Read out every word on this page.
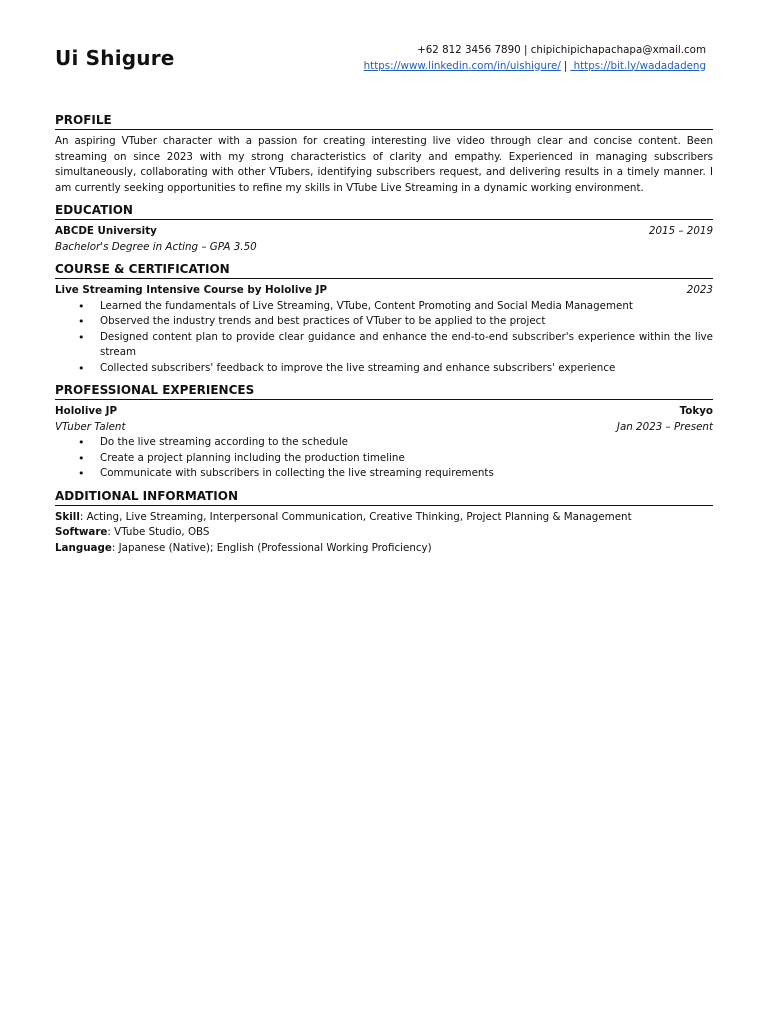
Ui Shigure	+62 812 3456 7890 | chipichipichapachapa@xmail.com
https://www.linkedin.com/in/uishigure/ | https://bit.ly/wadadadeng
PROFILE
An aspiring VTuber character with a passion for creating interesting live video through clear and concise content. Been streaming on since 2023 with my strong characteristics of clarity and empathy. Experienced in managing subscribers simultaneously, collaborating with other VTubers, identifying subscribers request, and delivering results in a timely manner. I am currently seeking opportunities to refine my skills in VTube Live Streaming in a dynamic working environment.
EDUCATION
ABCDE University	2015 – 2019
Bachelor's Degree in Acting – GPA 3.50
COURSE & CERTIFICATION
Live Streaming Intensive Course by Hololive JP	2023
• Learned the fundamentals of Live Streaming, VTube, Content Promoting and Social Media Management
• Observed the industry trends and best practices of VTuber to be applied to the project
• Designed content plan to provide clear guidance and enhance the end-to-end subscriber's experience within the live stream
• Collected subscribers' feedback to improve the live streaming and enhance subscribers' experience
PROFESSIONAL EXPERIENCES
Hololive JP	Tokyo
VTuber Talent	Jan 2023 – Present
• Do the live streaming according to the schedule
• Create a project planning including the production timeline
• Communicate with subscribers in collecting the live streaming requirements
ADDITIONAL INFORMATION
Skill: Acting, Live Streaming, Interpersonal Communication, Creative Thinking, Project Planning & Management
Software: VTube Studio, OBS
Language: Japanese (Native); English (Professional Working Proficiency)
